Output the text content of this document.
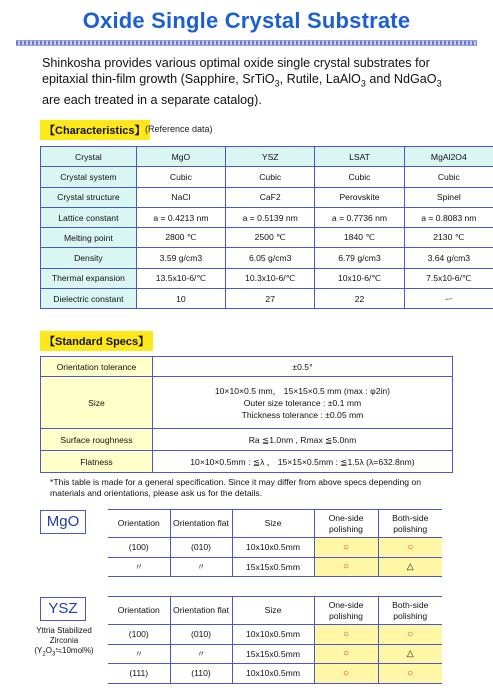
Oxide Single Crystal Substrate

Shinkosha provides various optimal oxide single crystal substrates for epitaxial thin-film growth (Sapphire, SrTiO$_3$, Rutile, LaAlO$_3$ and NdGaO$_3$ are each treated in a separate catalog).

【Characteristics】 (Reference data)
Crystal	MgO	YSZ	LSAT	MgAl2O4
Crystal system	Cubic	Cubic	Cubic	Cubic
Crystal structure	NaCl	CaF2	Perovskite	Spinel
Lattice constant	a = 0.4213 nm	a = 0.5139 nm	a = 0.7736 nm	a = 0.8083 nm
Melting point	2800 ℃	2500 ℃	1840 ℃	2130 ℃
Density	3.59 g/cm3	6.05 g/cm3	6.79 g/cm3	3.64 g/cm3
Thermal expansion	13.5x10-6/℃	10.3x10-6/℃	10x10-6/℃	7.5x10-6/℃
Dielectric constant	10	27	22	ー
【Standard Specs】
Orientation tolerance	±0.5°

Size	10×10×0.5 mm， 15×15×0.5 mm (max : φ2in)
Outer size tolerance : ±0.1 mm
Thickness tolerance : ±0.05 mm

Surface roughness	Ra ≦1.0nm , Rmax ≦5.0nm

Flatness	10×10×0.5mm : ≦λ ， 15×15×0.5mm : ≦1.5λ (λ=632.8nm)

*This table is made for a general specification. Since it may differ from above specs depending on materials and orientations, please ask us for the details.

MgO	Orientation	Orientation flat	Size	One-side polishing	Both-side polishing
(100)	(010)	10x10x0.5mm	○	○
〃	〃	15x15x0.5mm	○	△
YSZ
Yttria Stabilized
Zirconia
$(Y_2O_3≒10mol\%)$
Orientation	Orientation flat	Size	One-side polishing	Both-side polishing
(100)	(010)	10x10x0.5mm	○	○
〃	〃	15x15x0.5mm	○	△
(111)	(110)	10x10x0.5mm	○	○
